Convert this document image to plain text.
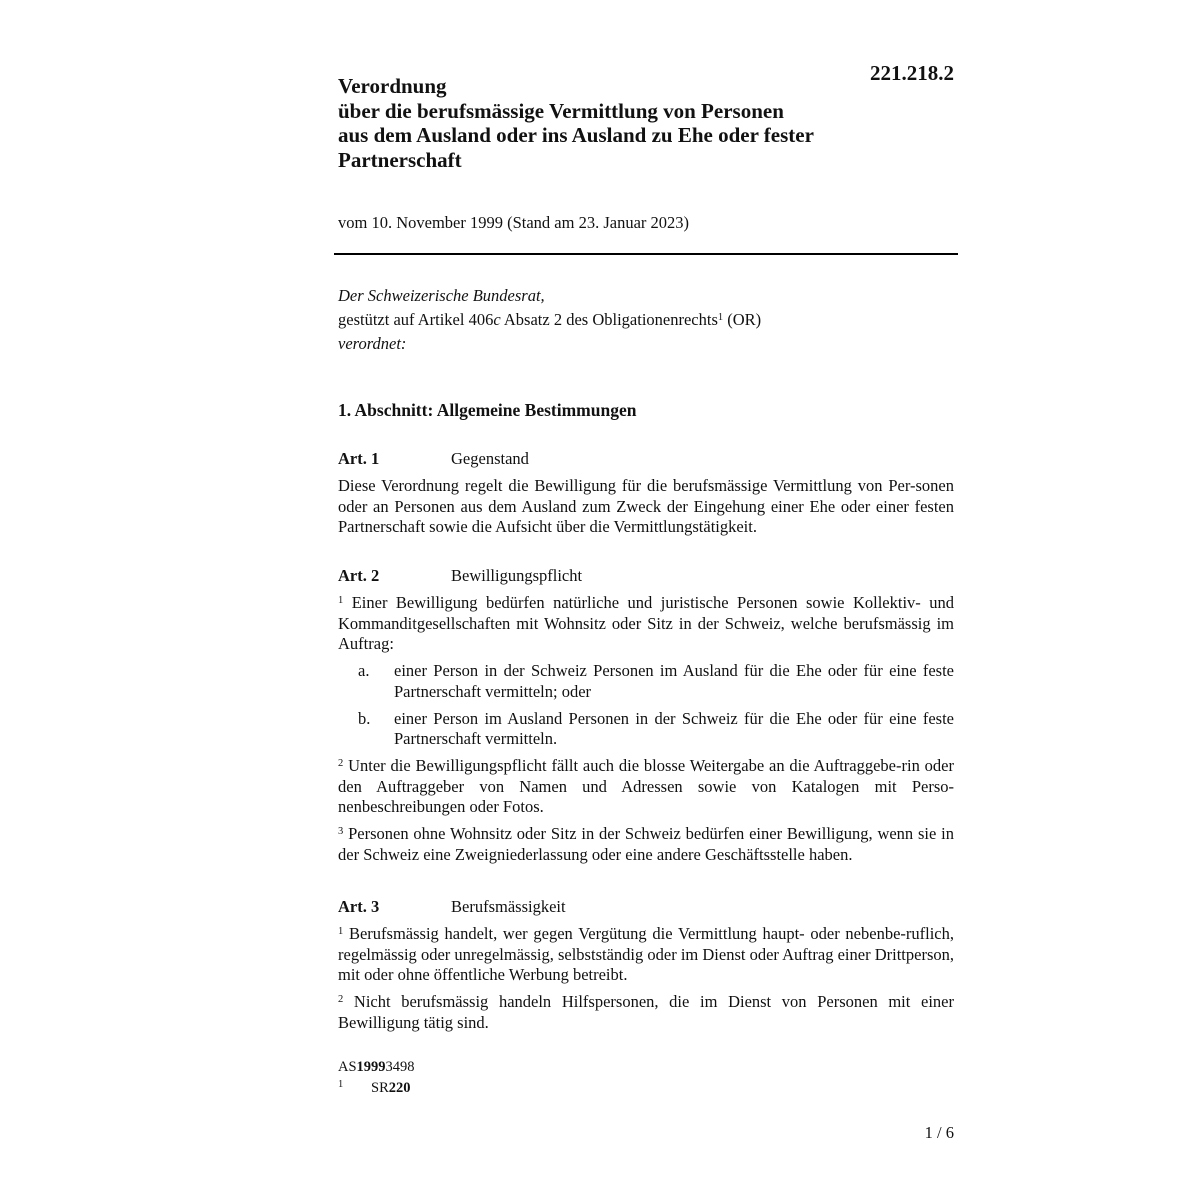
221.218.2
Verordnung
über die berufsmässige Vermittlung von Personen
aus dem Ausland oder ins Ausland zu Ehe oder fester
Partnerschaft
vom 10. November 1999 (Stand am 23. Januar 2023)
Der Schweizerische Bundesrat,
gestützt auf Artikel 406c Absatz 2 des Obligationenrechts$^1$ (OR)
verordnet:
1. Abschnitt: Allgemeine Bestimmungen
Art. 1	Gegenstand

Diese Verordnung regelt die Bewilligung für die berufsmässige Vermittlung von Per-sonen oder an Personen aus dem Ausland zum Zweck der Eingehung einer Ehe oder einer festen Partnerschaft sowie die Aufsicht über die Vermittlungstätigkeit.

Art. 2	Bewilligungspflicht

$^1$ Einer Bewilligung bedürfen natürliche und juristische Personen sowie Kollektiv- und Kommanditgesellschaften mit Wohnsitz oder Sitz in der Schweiz, welche berufsmässig im Auftrag:

a.	einer Person in der Schweiz Personen im Ausland für die Ehe oder für eine feste Partnerschaft vermitteln; oder
b.	einer Person im Ausland Personen in der Schweiz für die Ehe oder für eine feste Partnerschaft vermitteln.

$^2$ Unter die Bewilligungspflicht fällt auch die blosse Weitergabe an die Auftraggebe-rin oder den Auftraggeber von Namen und Adressen sowie von Katalogen mit Perso-nenbeschreibungen oder Fotos.

$^3$ Personen ohne Wohnsitz oder Sitz in der Schweiz bedürfen einer Bewilligung, wenn sie in der Schweiz eine Zweigniederlassung oder eine andere Geschäftsstelle haben.

Art. 3	Berufsmässigkeit

$^1$ Berufsmässig handelt, wer gegen Vergütung die Vermittlung haupt- oder nebenbe-ruflich, regelmässig oder unregelmässig, selbstständig oder im Dienst oder Auftrag einer Drittperson, mit oder ohne öffentliche Werbung betreibt.

$^2$ Nicht berufsmässig handeln Hilfspersonen, die im Dienst von Personen mit einer Bewilligung tätig sind.

AS 1999 3498
1	SR 220
1 / 6
